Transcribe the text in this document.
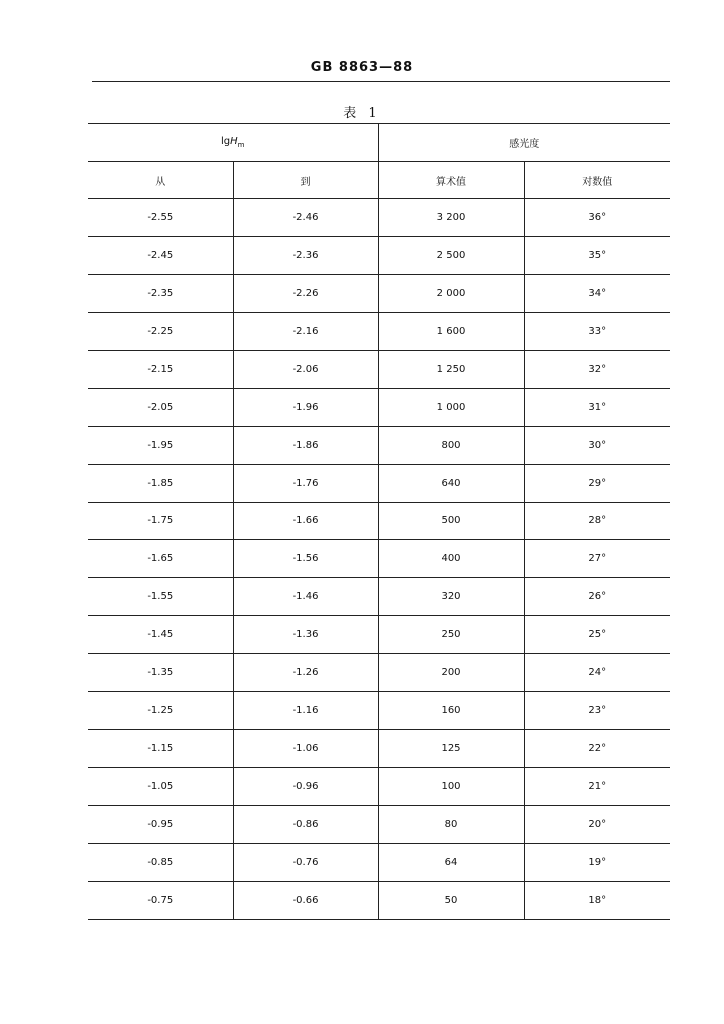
GB 8863—88
表 1
lgH$_m$		感光度	
从	到	算术值	对数值
-2.55	-2.46	3 200	36°
-2.45	-2.36	2 500	35°
-2.35	-2.26	2 000	34°
-2.25	-2.16	1 600	33°
-2.15	-2.06	1 250	32°
-2.05	-1.96	1 000	31°
-1.95	-1.86	800	30°
-1.85	-1.76	640	29°
-1.75	-1.66	500	28°
-1.65	-1.56	400	27°
-1.55	-1.46	320	26°
-1.45	-1.36	250	25°
-1.35	-1.26	200	24°
-1.25	-1.16	160	23°
-1.15	-1.06	125	22°
-1.05	-0.96	100	21°
-0.95	-0.86	80	20°
-0.85	-0.76	64	19°
-0.75	-0.66	50	18°
